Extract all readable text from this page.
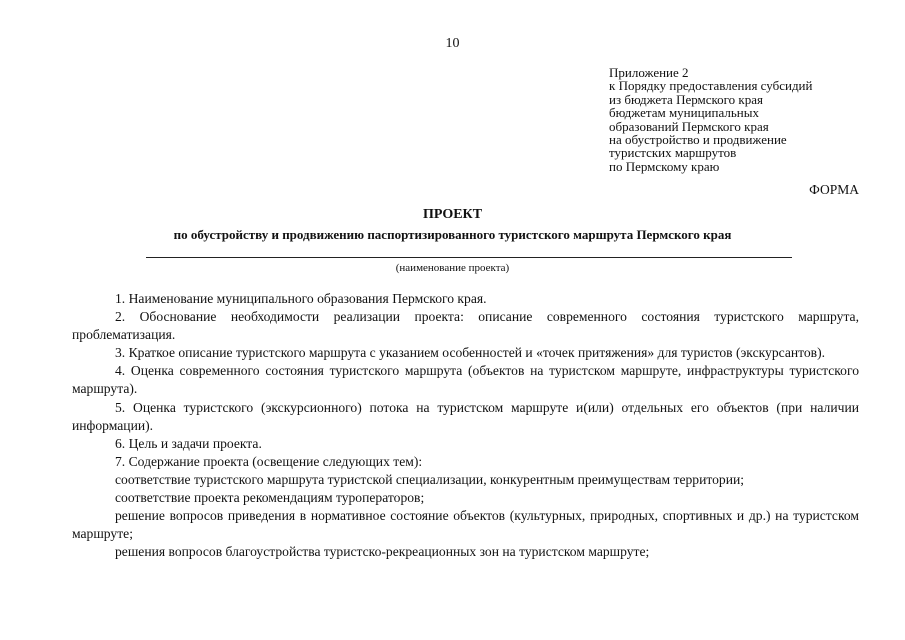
10
Приложение 2
к Порядку предоставления субсидий
из бюджета Пермского края
бюджетам муниципальных
образований Пермского края
на обустройство и продвижение
туристских маршрутов
по Пермскому краю
ФОРМА
ПРОЕКТ
по обустройству и продвижению паспортизированного туристского маршрута Пермского края
(наименование проекта)

1. Наименование муниципального образования Пермского края.

2. Обоснование необходимости реализации проекта: описание современного состояния туристского маршрута, проблематизация.

3. Краткое описание туристского маршрута с указанием особенностей и «точек притяжения» для туристов (экскурсантов).

4. Оценка современного состояния туристского маршрута (объектов на туристском маршруте, инфраструктуры туристского маршрута).

5. Оценка туристского (экскурсионного) потока на туристском маршруте и(или) отдельных его объектов (при наличии информации).

6. Цель и задачи проекта.

7. Содержание проекта (освещение следующих тем):

соответствие туристского маршрута туристской специализации, конкурентным преимуществам территории;

соответствие проекта рекомендациям туроператоров;

решение вопросов приведения в нормативное состояние объектов (культурных, природных, спортивных и др.) на туристском маршруте;

решения вопросов благоустройства туристско-рекреационных зон на туристском маршруте;
